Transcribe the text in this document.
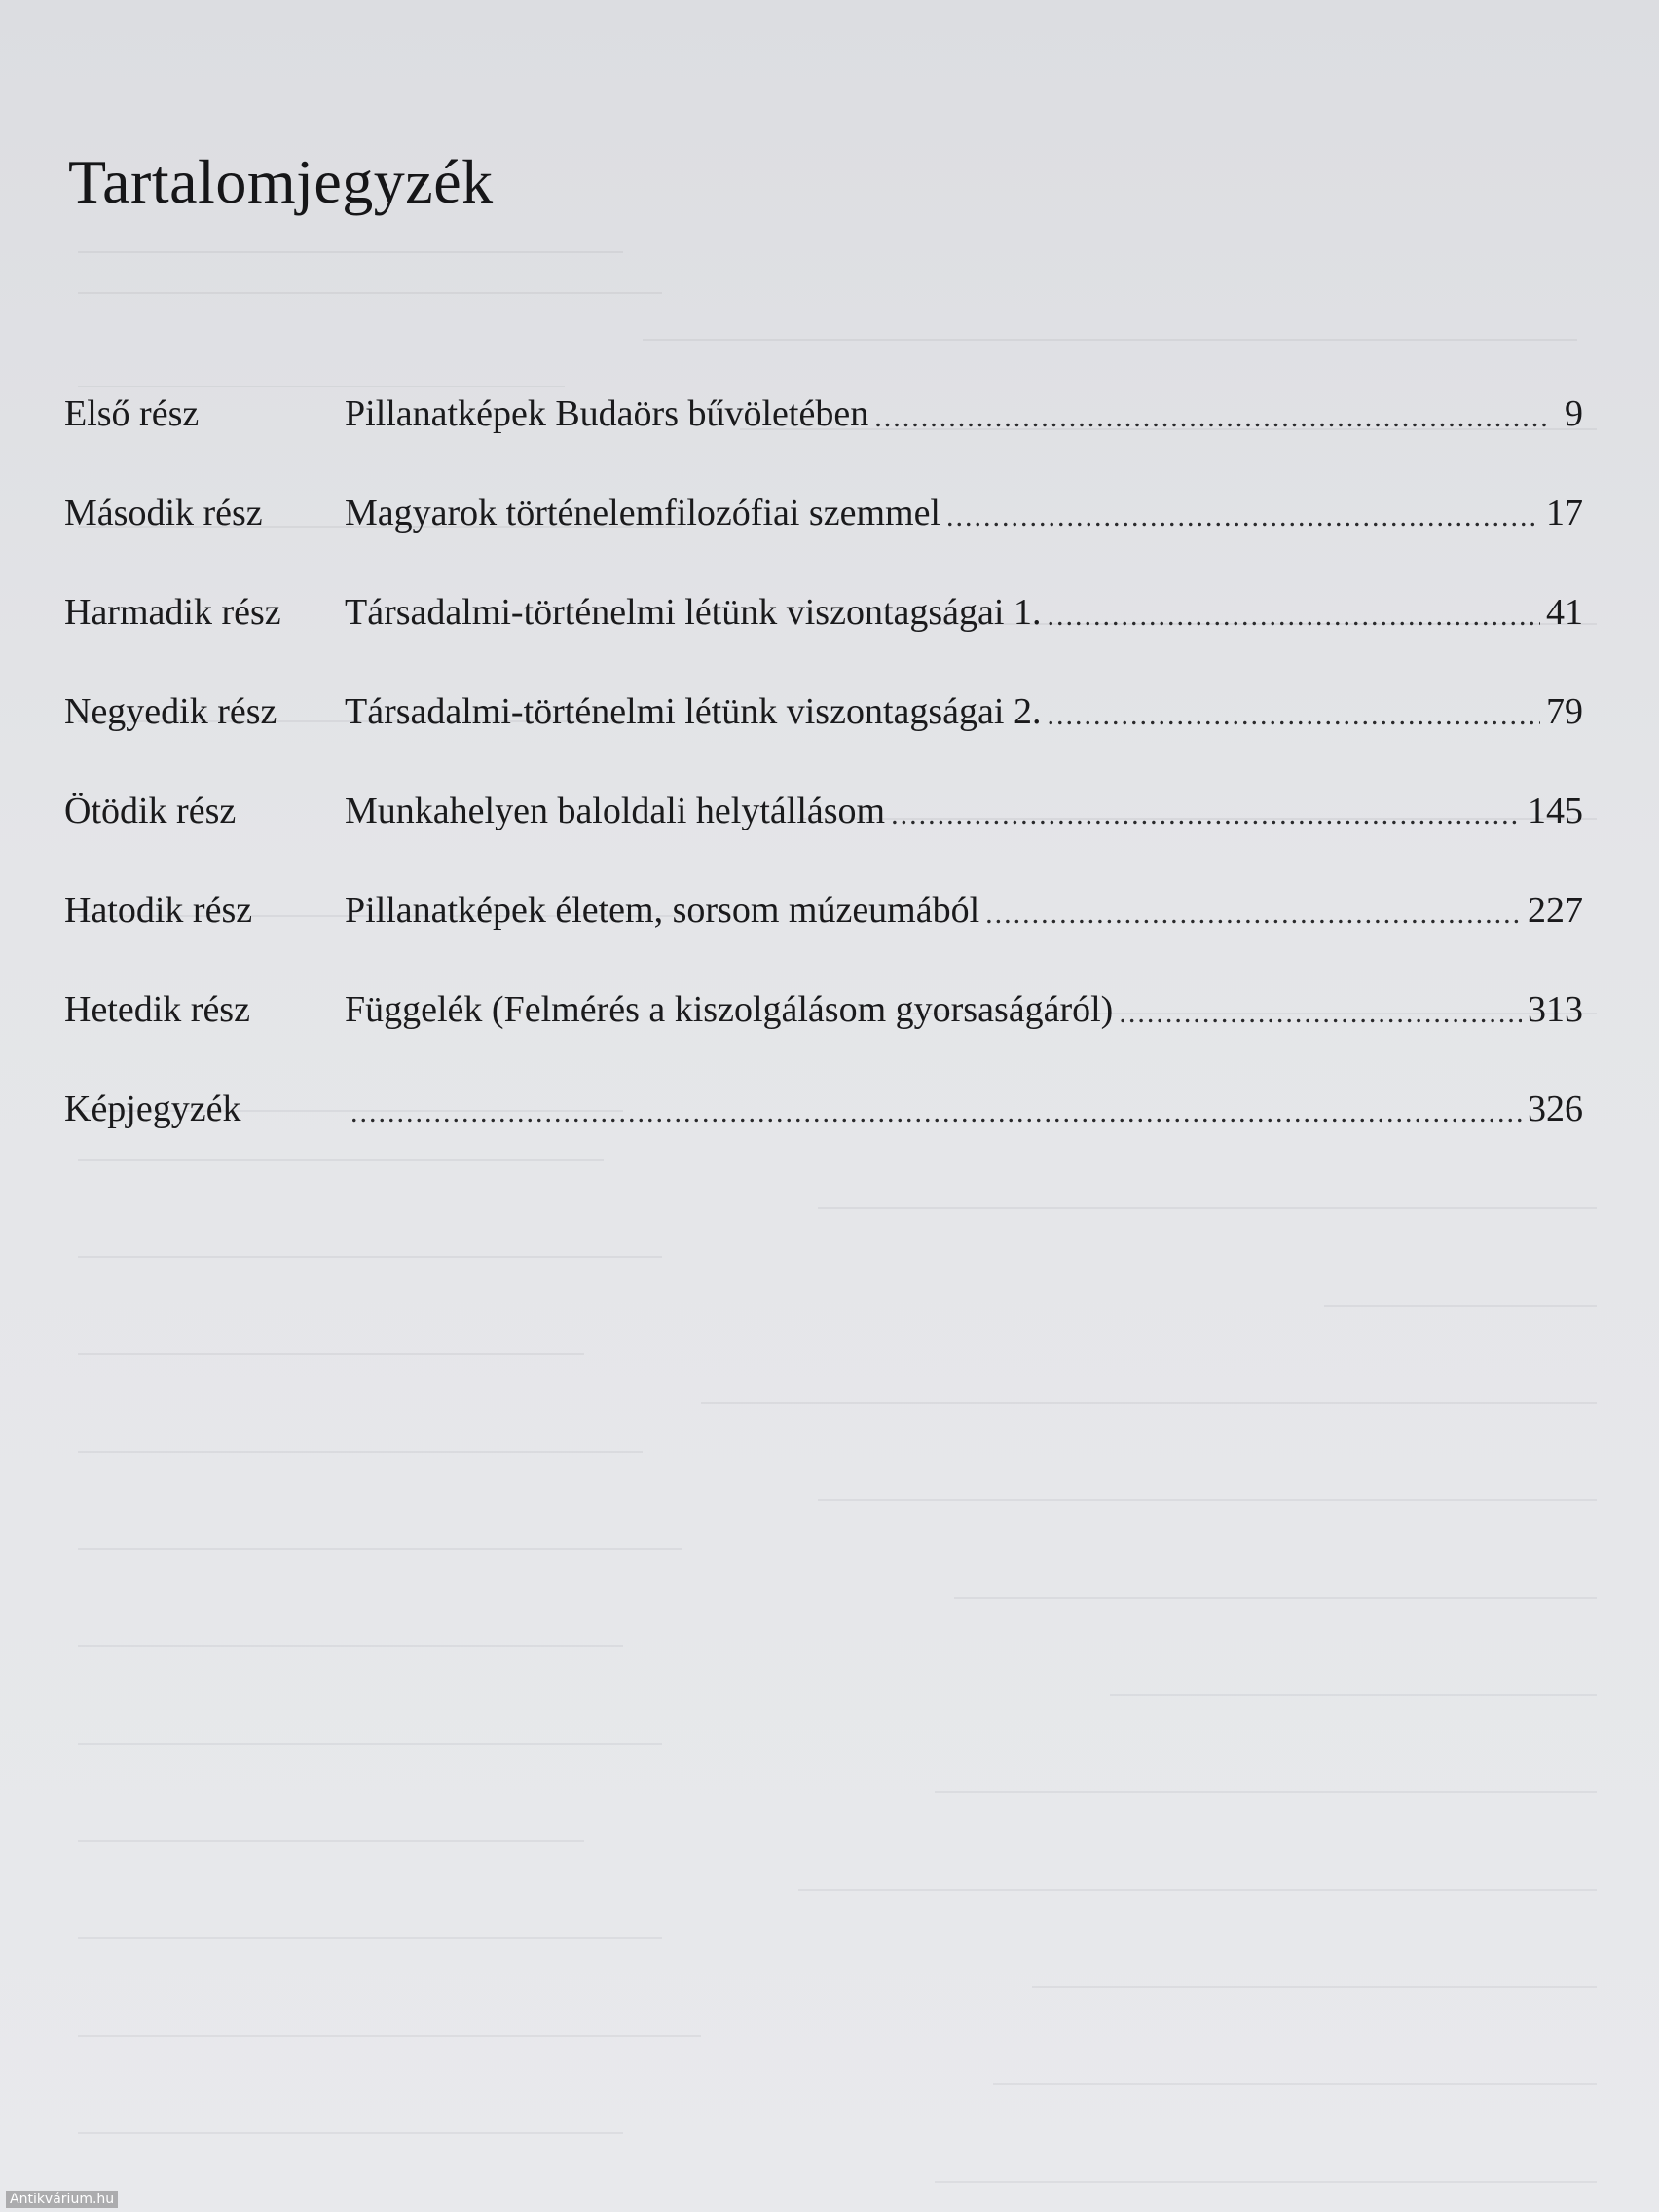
Tartalomjegyzék
Első rész	Pillanatképek Budaörs bűvöletében .....	9
Második rész	Magyarok történelemfilozófiai szemmel .....	17
Harmadik rész	Társadalmi-történelmi létünk viszontagságai 1. .....	41
Negyedik rész	Társadalmi-történelmi létünk viszontagságai 2. .....	79
Ötödik rész	Munkahelyen baloldali helytállásom .....	145
Hatodik rész	Pillanatképek életem, sorsom múzeumából .....	227
Hetedik rész	Függelék (Felmérés a kiszolgálásom gyorsaságáról) .....	313
Képjegyzék .....	326
Antikvárium.hu
